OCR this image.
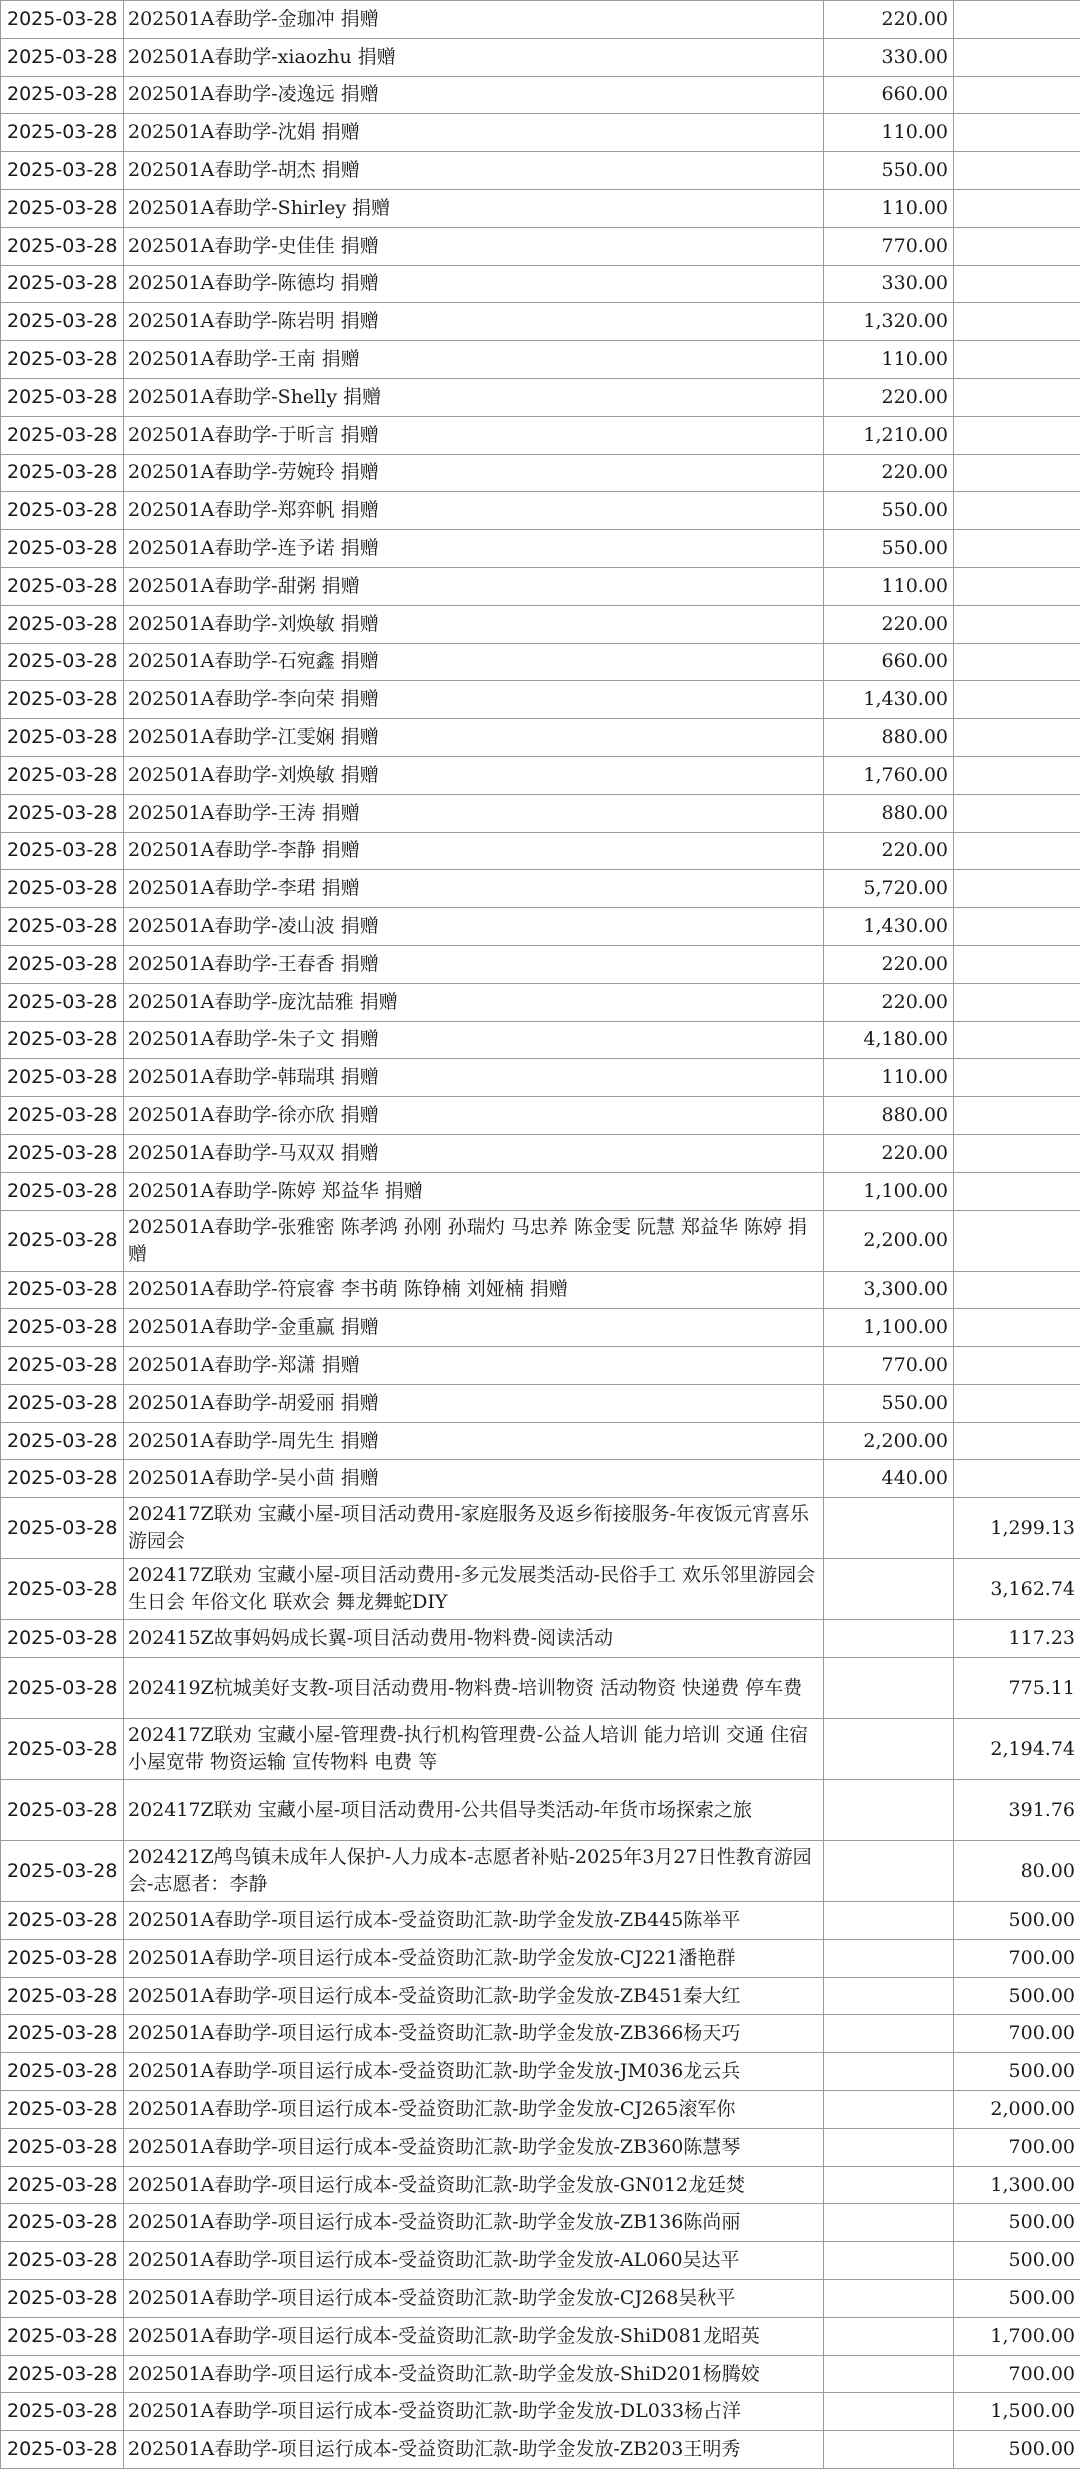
2025-03-28	202501A春助学-金珈冲 捐赠	220.00	
2025-03-28	202501A春助学-xiaozhu 捐赠	330.00	
2025-03-28	202501A春助学-凌逸远 捐赠	660.00	
2025-03-28	202501A春助学-沈娟 捐赠	110.00	
2025-03-28	202501A春助学-胡杰 捐赠	550.00	
2025-03-28	202501A春助学-Shirley 捐赠	110.00	
2025-03-28	202501A春助学-史佳佳 捐赠	770.00	
2025-03-28	202501A春助学-陈德均 捐赠	330.00	
2025-03-28	202501A春助学-陈岩明 捐赠	1,320.00	
2025-03-28	202501A春助学-王南 捐赠	110.00	
2025-03-28	202501A春助学-Shelly 捐赠	220.00	
2025-03-28	202501A春助学-于昕言 捐赠	1,210.00	
2025-03-28	202501A春助学-劳婉玲 捐赠	220.00	
2025-03-28	202501A春助学-郑弈帆 捐赠	550.00	
2025-03-28	202501A春助学-连予诺 捐赠	550.00	
2025-03-28	202501A春助学-甜粥 捐赠	110.00	
2025-03-28	202501A春助学-刘焕敏 捐赠	220.00	
2025-03-28	202501A春助学-石宛鑫 捐赠	660.00	
2025-03-28	202501A春助学-李向荣 捐赠	1,430.00	
2025-03-28	202501A春助学-江雯娴 捐赠	880.00	
2025-03-28	202501A春助学-刘焕敏 捐赠	1,760.00	
2025-03-28	202501A春助学-王涛 捐赠	880.00	
2025-03-28	202501A春助学-李静 捐赠	220.00	
2025-03-28	202501A春助学-李珺 捐赠	5,720.00	
2025-03-28	202501A春助学-凌山波 捐赠	1,430.00	
2025-03-28	202501A春助学-王春香 捐赠	220.00	
2025-03-28	202501A春助学-庞沈喆雅 捐赠	220.00	
2025-03-28	202501A春助学-朱子文 捐赠	4,180.00	
2025-03-28	202501A春助学-韩瑞琪 捐赠	110.00	
2025-03-28	202501A春助学-徐亦欣 捐赠	880.00	
2025-03-28	202501A春助学-马双双 捐赠	220.00	
2025-03-28	202501A春助学-陈婷 郑益华 捐赠	1,100.00	
2025-03-28	202501A春助学-张雅密 陈孝鸿 孙刚 孙瑞灼 马忠养 陈金雯 阮慧 郑益华 陈婷 捐赠	2,200.00	
2025-03-28	202501A春助学-符宸睿 李书萌 陈铮楠 刘娅楠 捐赠	3,300.00	
2025-03-28	202501A春助学-金重赢 捐赠	1,100.00	
2025-03-28	202501A春助学-郑潇 捐赠	770.00	
2025-03-28	202501A春助学-胡爱丽 捐赠	550.00	
2025-03-28	202501A春助学-周先生 捐赠	2,200.00	
2025-03-28	202501A春助学-吴小茴 捐赠	440.00	
2025-03-28	202417Z联劝 宝藏小屋-项目活动费用-家庭服务及返乡衔接服务-年夜饭元宵喜乐游园会		1,299.13
2025-03-28	202417Z联劝 宝藏小屋-项目活动费用-多元发展类活动-民俗手工 欢乐邻里游园会 生日会 年俗文化 联欢会 舞龙舞蛇DIY		3,162.74
2025-03-28	202415Z故事妈妈成长翼-项目活动费用-物料费-阅读活动		117.23
2025-03-28	202419Z杭城美好支教-项目活动费用-物料费-培训物资 活动物资 快递费 停车费		775.11
2025-03-28	202417Z联劝 宝藏小屋-管理费-执行机构管理费-公益人培训 能力培训 交通 住宿 小屋宽带 物资运输 宣传物料 电费 等		2,194.74
2025-03-28	202417Z联劝 宝藏小屋-项目活动费用-公共倡导类活动-年货市场探索之旅		391.76
2025-03-28	202421Z鸬鸟镇未成年人保护-人力成本-志愿者补贴-2025年3月27日性教育游园会-志愿者：李静		80.00
2025-03-28	202501A春助学-项目运行成本-受益资助汇款-助学金发放-ZB445陈举平		500.00
2025-03-28	202501A春助学-项目运行成本-受益资助汇款-助学金发放-CJ221潘艳群		700.00
2025-03-28	202501A春助学-项目运行成本-受益资助汇款-助学金发放-ZB451秦大红		500.00
2025-03-28	202501A春助学-项目运行成本-受益资助汇款-助学金发放-ZB366杨天巧		700.00
2025-03-28	202501A春助学-项目运行成本-受益资助汇款-助学金发放-JM036龙云兵		500.00
2025-03-28	202501A春助学-项目运行成本-受益资助汇款-助学金发放-CJ265滚军你		2,000.00
2025-03-28	202501A春助学-项目运行成本-受益资助汇款-助学金发放-ZB360陈慧琴		700.00
2025-03-28	202501A春助学-项目运行成本-受益资助汇款-助学金发放-GN012龙廷焚		1,300.00
2025-03-28	202501A春助学-项目运行成本-受益资助汇款-助学金发放-ZB136陈尚丽		500.00
2025-03-28	202501A春助学-项目运行成本-受益资助汇款-助学金发放-AL060吴达平		500.00
2025-03-28	202501A春助学-项目运行成本-受益资助汇款-助学金发放-CJ268吴秋平		500.00
2025-03-28	202501A春助学-项目运行成本-受益资助汇款-助学金发放-ShiD081龙昭英		1,700.00
2025-03-28	202501A春助学-项目运行成本-受益资助汇款-助学金发放-ShiD201杨腾姣		700.00
2025-03-28	202501A春助学-项目运行成本-受益资助汇款-助学金发放-DL033杨占洋		1,500.00
2025-03-28	202501A春助学-项目运行成本-受益资助汇款-助学金发放-ZB203王明秀		500.00
